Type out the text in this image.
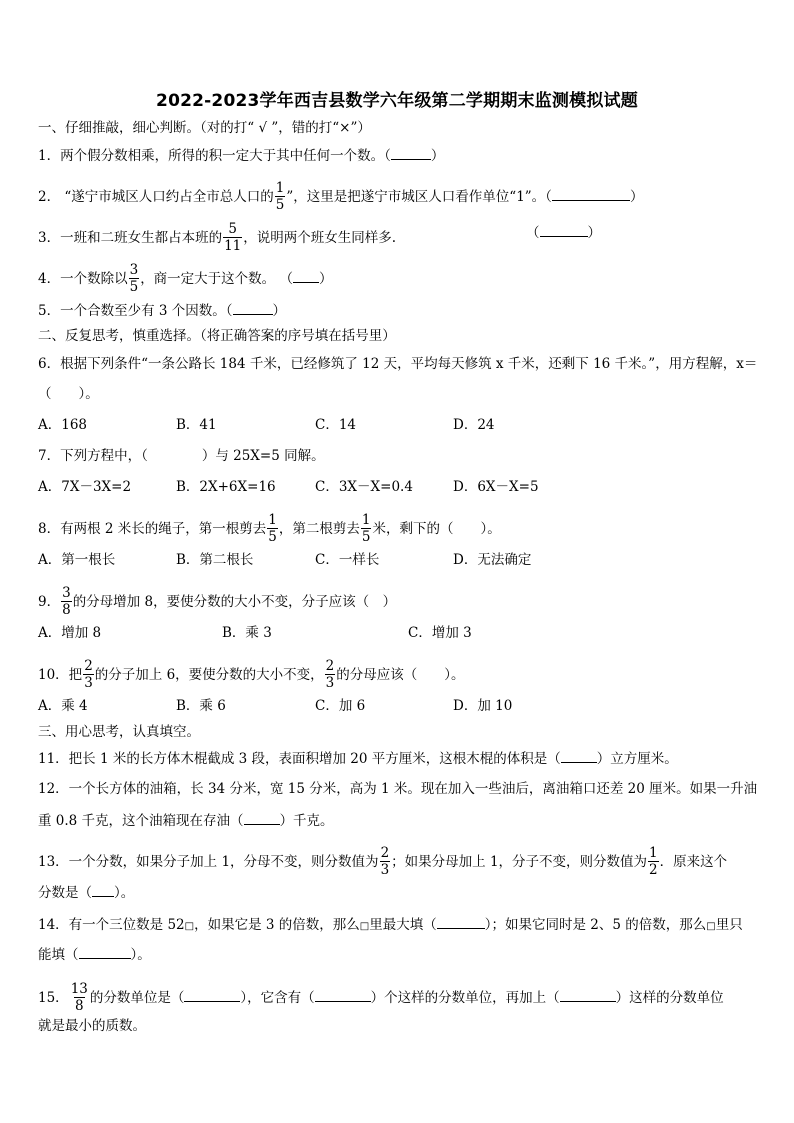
2022-2023学年西吉县数学六年级第二学期期末监测模拟试题
一、仔细推敲，细心判断。（对的打“ √ ”，错的打“×”）
1．两个假分数相乘，所得的积一定大于其中任何一个数。（	）
2． “遂宁市城区人口约占全市总人口的 $\frac{1}{5}$ ”，这里是把遂宁市城区人口看作单位“1”。（	）
3．一班和二班女生都占本班的 $\frac{5}{11}$ ，说明两个班女生同样多.	（	）
4．一个数除以 $\frac{3}{5}$ ，商一定大于这个数。 （ ）
5．一个合数至少有 3 个因数。（	）
二、反复思考，慎重选择。（将正确答案的序号填在括号里）
6．根据下列条件“一条公路长 184 千米，已经修筑了 12 天，平均每天修筑 x 千米，还剩下 16 千米。”，用方程解，x＝
（　　）。
A．168	B．41	C．14	D．24
7．下列方程中，（　　　　）与 25X=5 同解。
A．7X－3X=2	B．2X+6X=16	C．3X－X=0.4	D．6X－X=5
8．有两根 2 米长的绳子，第一根剪去 $\frac{1}{5}$ ，第二根剪去 $\frac{1}{5}$ 米，剩下的（　　）。
A．第一根长	B．第二根长	C．一样长	D．无法确定
9． $\frac{3}{8}$ 的分母增加 8，要使分数的大小不变，分子应该（　）
A．增加 8	B．乘 3	C．增加 3
10．把 $\frac{2}{3}$ 的分子加上 6，要使分数的大小不变， $\frac{2}{3}$ 的分母应该（　　）。
A．乘 4	B．乘 6	C．加 6	D．加 10
三、用心思考，认真填空。
11．把长 1 米的长方体木棍截成 3 段，表面积增加 20 平方厘米，这根木棍的体积是（	）立方厘米。
12．一个长方体的油箱，长 34 分米，宽 15 分米，高为 1 米。现在加入一些油后，离油箱口还差 20 厘米。如果一升油
重 0.8 千克，这个油箱现在存油（	）千克。
13．一个分数，如果分子加上 1，分母不变，则分数值为 $\frac{2}{3}$ ；如果分母加上 1，分子不变，则分数值为 $\frac{1}{2}$ ．原来这个
分数是（ ）。
14．有一个三位数是 52□，如果它是 3 的倍数，那么□里最大填（	）；如果它同时是 2、5 的倍数，那么□里只
能填（	）。
15． $\frac{13}{8}$ 的分数单位是（	），它含有（	）个这样的分数单位，再加上（	）这样的分数单位
就是最小的质数。
